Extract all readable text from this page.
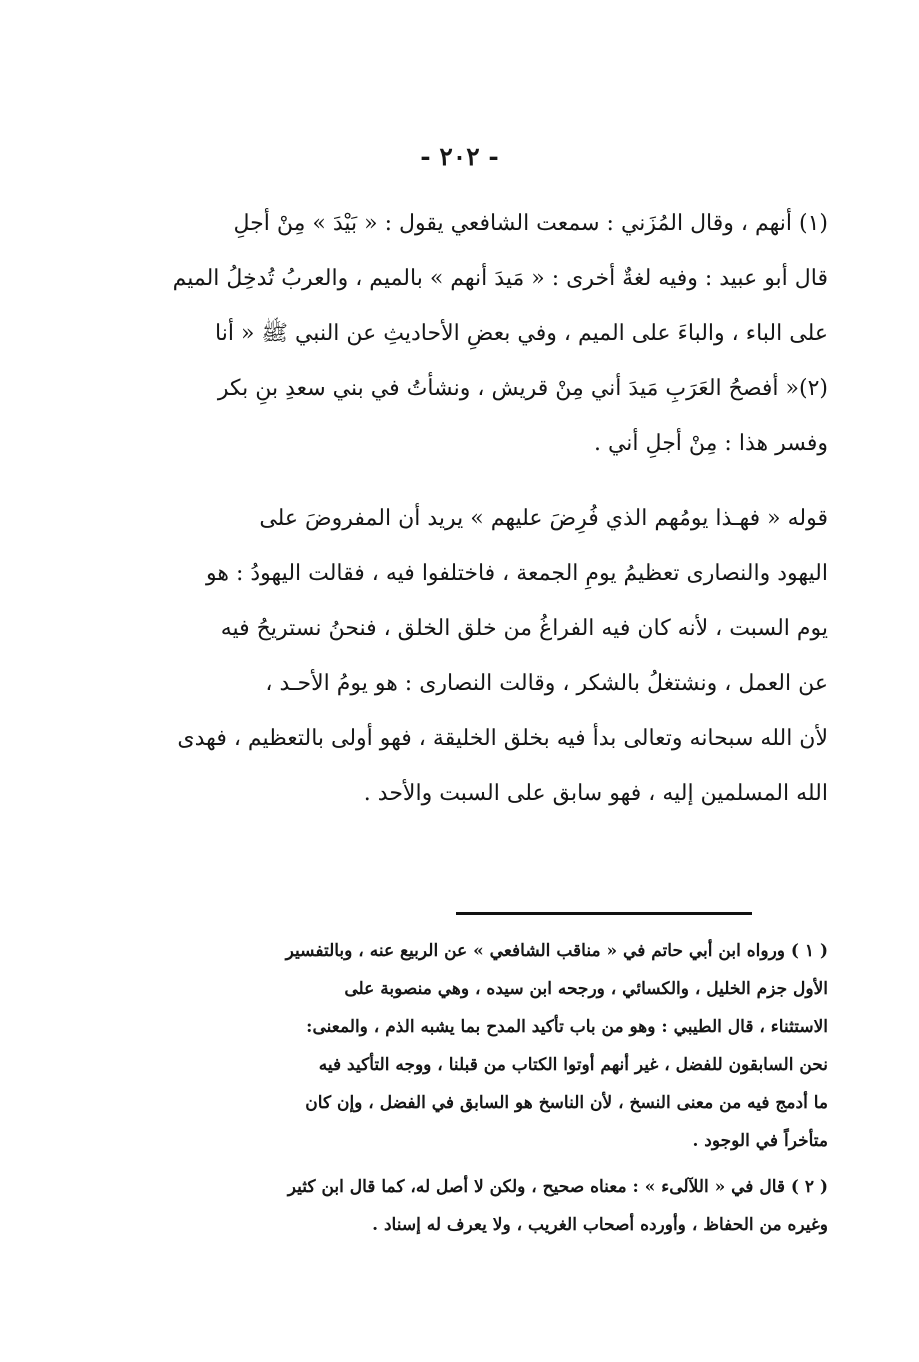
- ٢٠٢ -
(١) أنهم ، وقال المُزَني : سمعت الشافعي يقول : « بَيْدَ » مِنْ أجلِ
قال أبو عبيد : وفيه لغةٌ أخرى : « مَيدَ أنهم » بالميم ، والعربُ تُدخِلُ الميم
على الباء ، والباءَ على الميم ، وفي بعضِ الأحاديثِ عن النبي ﷺ « أنا
(٢)« أفصحُ العَرَبِ مَيدَ أني مِنْ قريش ، ونشأتُ في بني سعدِ بنِ بكر
وفسر هذا : مِنْ أجلِ أني .
قوله « فهـذا يومُهم الذي فُرِضَ عليهم » يريد أن المفروضَ على
اليهود والنصارى تعظيمُ يومِ الجمعة ، فاختلفوا فيه ، فقالت اليهودُ : هو
يوم السبت ، لأنه كان فيه الفراغُ من خلق الخلق ، فنحنُ نستريحُ فيه
عن العمل ، ونشتغلُ بالشكر ، وقالت النصارى : هو يومُ الأحـد ،
لأن الله سبحانه وتعالى بدأ فيه بخلق الخليقة ، فهو أولى بالتعظيم ، فهدى
الله المسلمين إليه ، فهو سابق على السبت والأحد .
( ١ ) ورواه ابن أبي حاتم في « مناقب الشافعي » عن الربيع عنه ، وبالتفسير
الأول جزم الخليل ، والكسائي ، ورجحه ابن سيده ، وهي منصوبة على
الاستثناء ، قال الطيبي : وهو من باب تأكيد المدح بما يشبه الذم ، والمعنى:
نحن السابقون للفضل ، غير أنهم أوتوا الكتاب من قبلنا ، ووجه التأكيد فيه
ما أدمج فيه من معنى النسخ ، لأن الناسخ هو السابق في الفضل ، وإن كان
متأخراً في الوجود .
( ٢ ) قال في « اللآلىء » : معناه صحيح ، ولكن لا أصل له، كما قال ابن كثير
وغيره من الحفاظ ، وأورده أصحاب الغريب ، ولا يعرف له إسناد .
